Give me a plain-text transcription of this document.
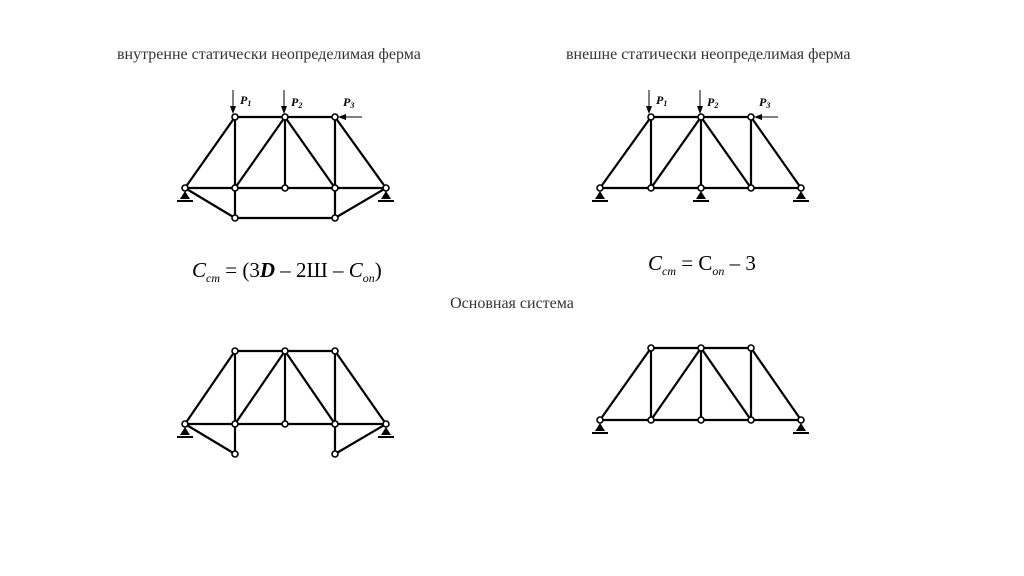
внутренне статически неопределимая ферма	внешне статически неопределимая ферма
Основная система
P1	P2	P3	P1	P2	P3
$C_{ст} = (3D - 2Ш - C_{оп})$	$C_{ст} = C_{оп} - 3$
